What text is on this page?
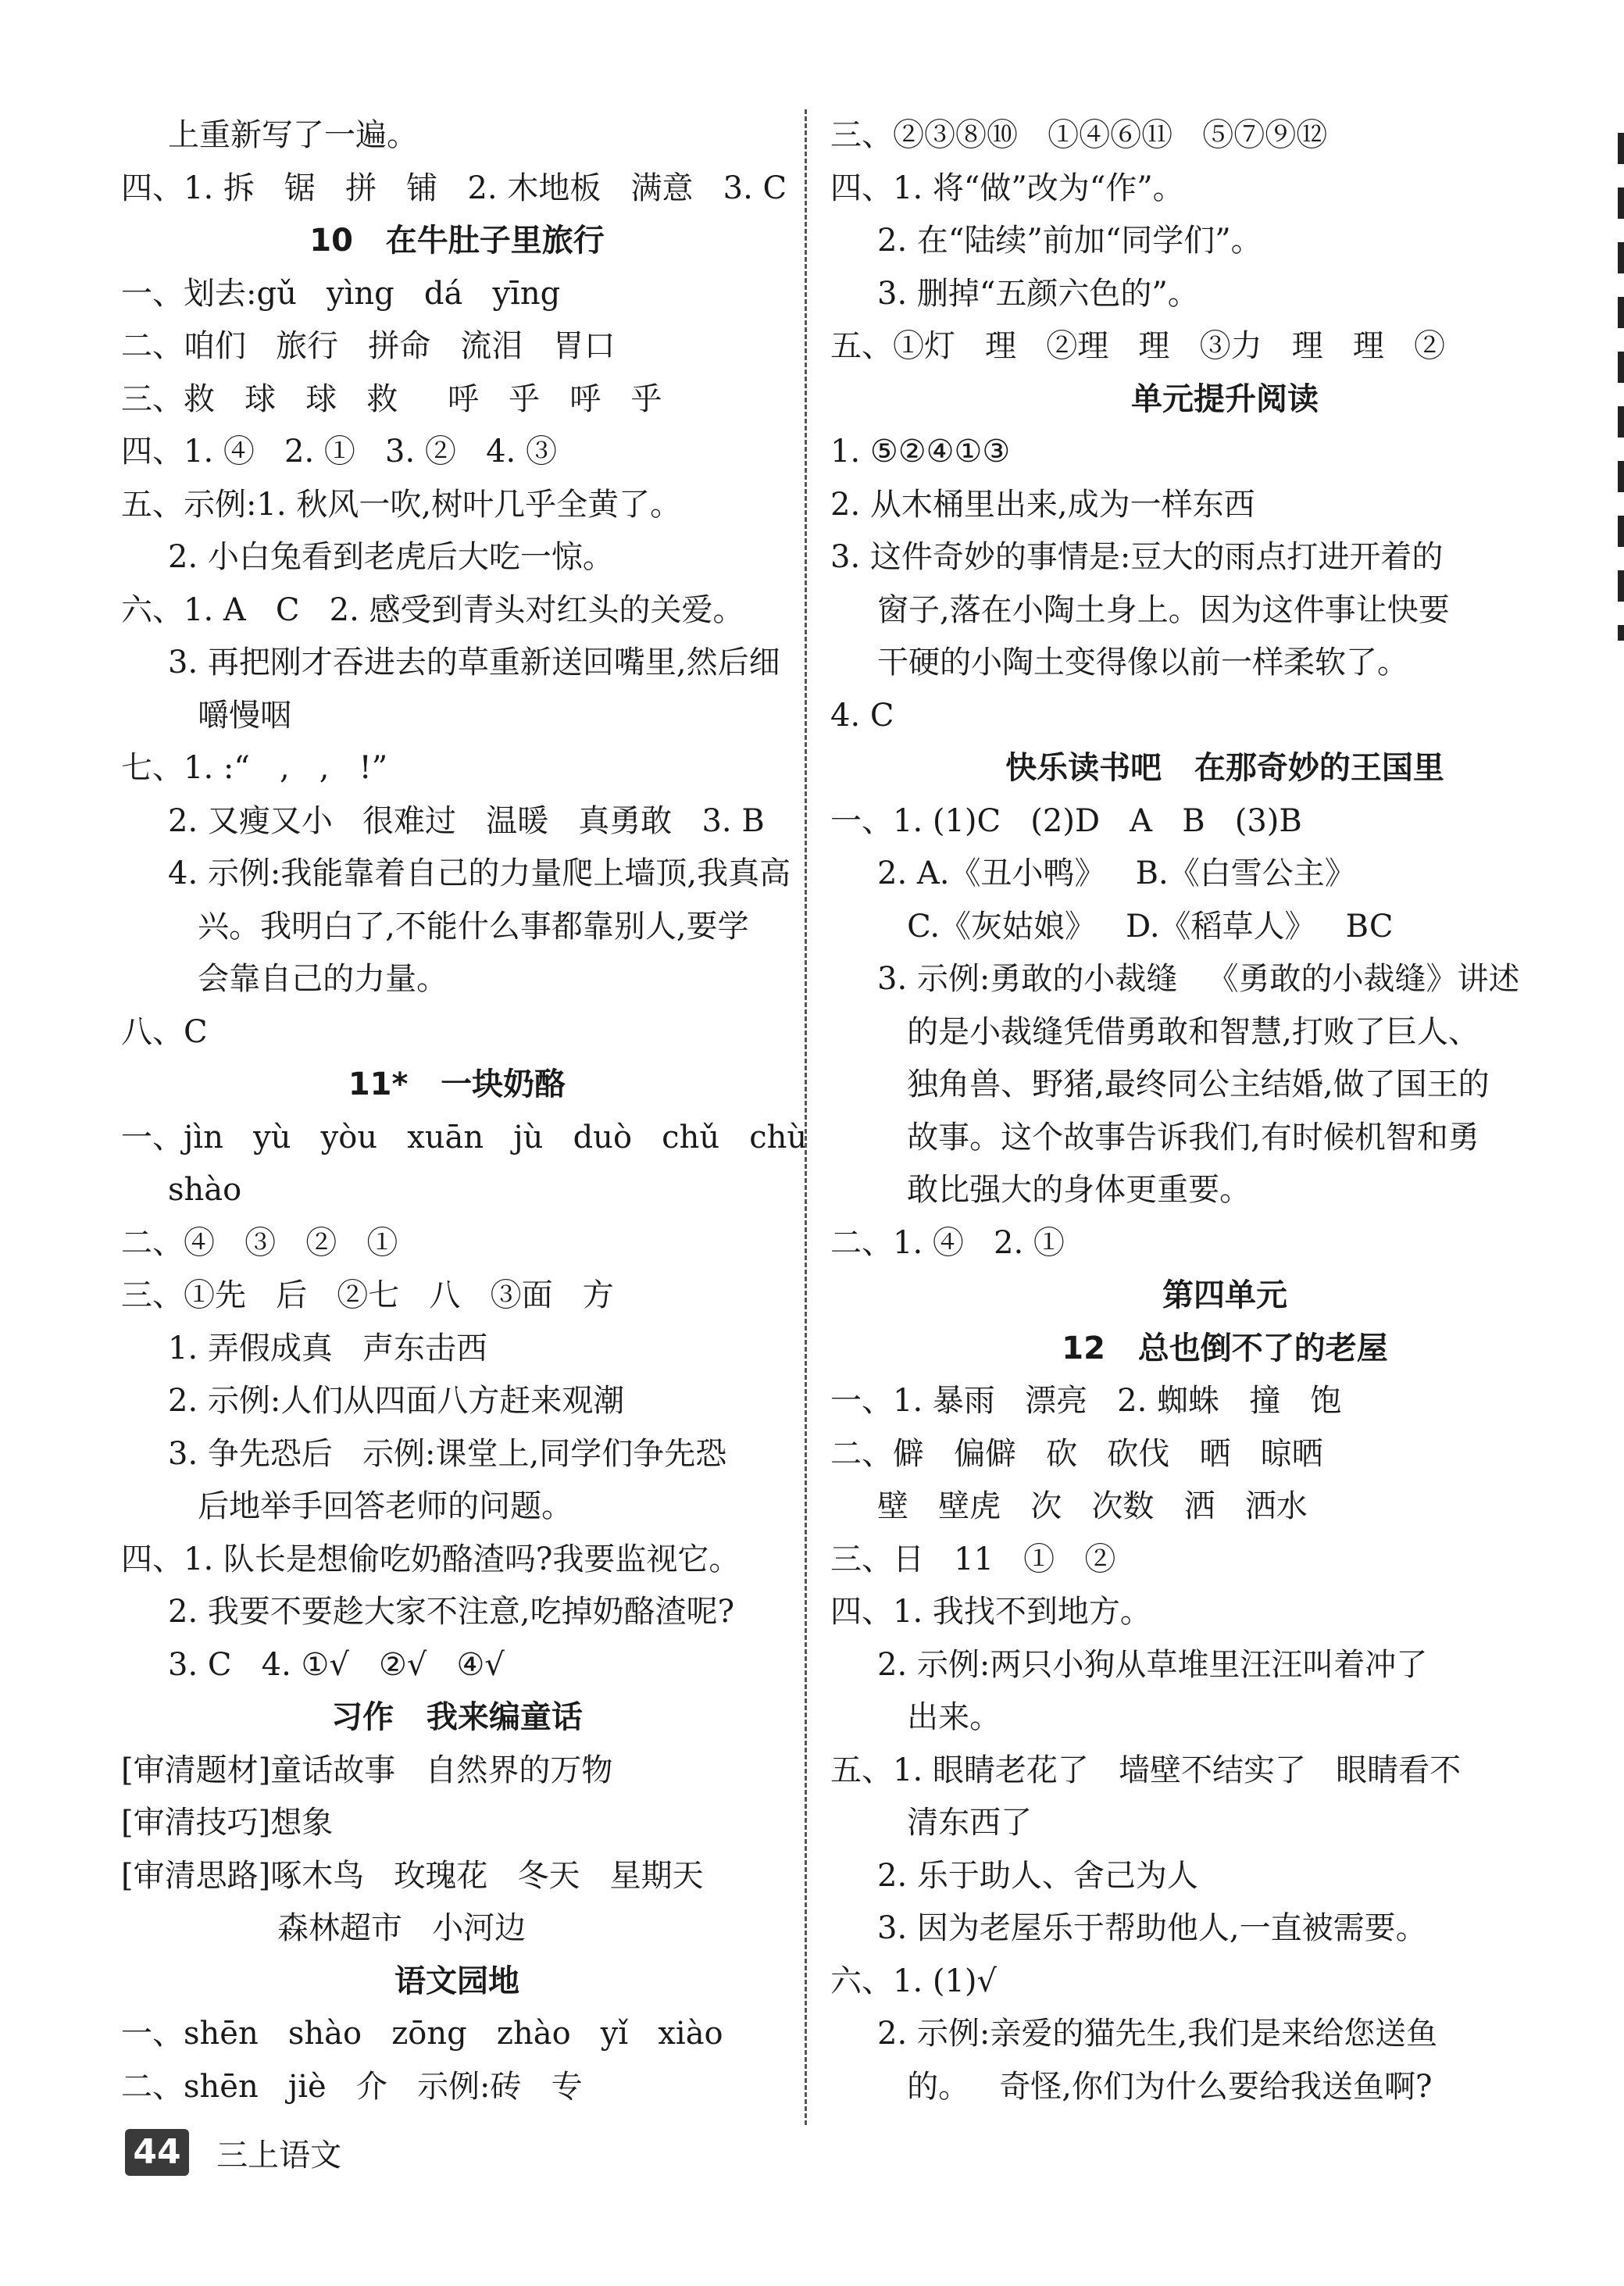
上重新写了一遍。
四、1. 拆   锯   拼   铺   2. 木地板   满意   3. C
10   在牛肚子里旅行
一、划去:gǔ   yìng   dá   yīng
二、咱们   旅行   拼命   流泪   胃口
三、救   球   球   救     呼   乎   呼   乎
四、1. ④   2. ①   3. ②   4. ③
五、示例:1. 秋风一吹,树叶几乎全黄了。
2. 小白兔看到老虎后大吃一惊。
六、1. A   C   2. 感受到青头对红头的关爱。
3. 再把刚才吞进去的草重新送回嘴里,然后细
嚼慢咽
七、1. :“   ,   ,   !”
2. 又瘦又小   很难过   温暖   真勇敢   3. B
4. 示例:我能靠着自己的力量爬上墙顶,我真高
兴。我明白了,不能什么事都靠别人,要学
会靠自己的力量。
八、C
11*   一块奶酪
一、jìn   yù   yòu   xuān   jù   duò   chǔ   chù
shào
二、④   ③   ②   ①
三、①先   后   ②七   八   ③面   方
1. 弄假成真   声东击西
2. 示例:人们从四面八方赶来观潮
3. 争先恐后   示例:课堂上,同学们争先恐
后地举手回答老师的问题。
四、1. 队长是想偷吃奶酪渣吗?我要监视它。
2. 我要不要趁大家不注意,吃掉奶酪渣呢?
3. C   4. ①√   ②√   ④√
习作   我来编童话
[审清题材]童话故事   自然界的万物
[审清技巧]想象
[审清思路]啄木鸟   玫瑰花   冬天   星期天
森林超市   小河边
语文园地
一、shēn   shào   zōng   zhào   yǐ   xiào
二、shēn   jiè   介   示例:砖   专
三、②③⑧⑩   ①④⑥⑪   ⑤⑦⑨⑫
四、1. 将“做”改为“作”。
2. 在“陆续”前加“同学们”。
3. 删掉“五颜六色的”。
五、①灯   理   ②理   理   ③力   理   理   ②
单元提升阅读
1. ⑤②④①③
2. 从木桶里出来,成为一样东西
3. 这件奇妙的事情是:豆大的雨点打进开着的
窗子,落在小陶土身上。因为这件事让快要
干硬的小陶土变得像以前一样柔软了。
4. C
快乐读书吧   在那奇妙的王国里
一、1. (1)C   (2)D   A   B   (3)B
2. A.《丑小鸭》   B.《白雪公主》
C.《灰姑娘》   D.《稻草人》   BC
3. 示例:勇敢的小裁缝   《勇敢的小裁缝》讲述
的是小裁缝凭借勇敢和智慧,打败了巨人、
独角兽、野猪,最终同公主结婚,做了国王的
故事。这个故事告诉我们,有时候机智和勇
敢比强大的身体更重要。
二、1. ④   2. ①
第四单元
12   总也倒不了的老屋
一、1. 暴雨   漂亮   2. 蜘蛛   撞   饱
二、僻   偏僻   砍   砍伐   晒   晾晒
壁   壁虎   次   次数   洒   洒水
三、日   11   ①   ②
四、1. 我找不到地方。
2. 示例:两只小狗从草堆里汪汪叫着冲了
出来。
五、1. 眼睛老花了   墙壁不结实了   眼睛看不
清东西了
2. 乐于助人、舍己为人
3. 因为老屋乐于帮助他人,一直被需要。
六、1. (1)√
2. 示例:亲爱的猫先生,我们是来给您送鱼
的。   奇怪,你们为什么要给我送鱼啊?
44 三上语文
